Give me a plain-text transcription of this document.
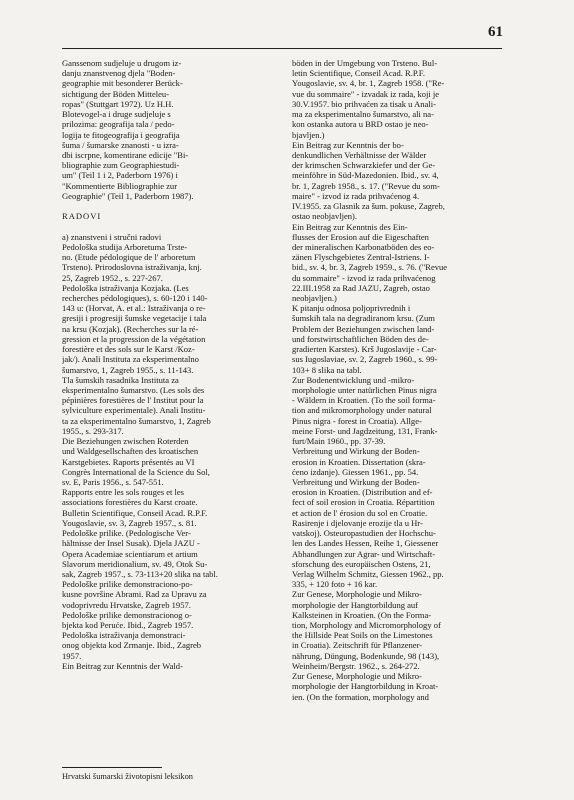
61
Ganssenom sudjeluje u drugom iz-
danju znanstvenog djela "Boden-
geographie mit besonderer Berück-
sichtigung der Böden Mitteleu-
ropas" (Stuttgart 1972). Uz H.H.
Blotevogel-a i druge sudjeluje s
prilozima: geografija tala / pedo-
logija te fitogeografija i geografija
šuma / šumarske znanosti - u izra-
dbi iscrpne, komentirane edicije "Bi-
bliographie zum Geographiestudi-
um" (Teil 1 i 2, Paderborn 1976) i
"Kommentierte Bibliographie zur
Geographie" (Teil 1, Paderborn 1987).
RADOVI
a) znanstveni i stručni radovi
Pedološka studija Arboretuma Trste-
no. (Etude pédologique de l' arboretum
Trsteno). Prirodoslovna istraživanja, knj.
25, Zagreb 1952., s. 227-267.
Pedološka istraživanja Kozjaka. (Les
recherches pédologiques), s. 60-120 i 140-
143 u: (Horvat, A. et al.: Istraživanja o re-
gresiji i progresiji šumske vegetacije i tala
na krsu (Kozjak). (Recherches sur la ré-
gression et la progression de la végétation
forestière et des sols sur le Karst /Koz-
jak/). Anali Instituta za eksperimentalno
šumarstvo, 1, Zagreb 1955., s. 11-143.
Tla šumskih rasadnika Instituta za
eksperimentalno šumarstvo. (Les sols des
pépinières forestières de l' Institut pour la
sylviculture experimentale). Anali Institu-
ta za eksperimentalno šumarstvo, 1, Zagreb
1955., s. 293-317.
Die Beziehungen zwischen Roterden
und Waldgesellschaften des kroatischen
Karstgebietes. Raports présentés au VI
Congrès International de la Science du Sol,
sv. E, Paris 1956., s. 547-551.
Rapports entre les sols rouges et les
associations forestières du Karst croate.
Bulletin Scientifique, Conseil Acad. R.P.F.
Yougoslavie, sv. 3, Zagreb 1957., s. 81.
Pedološke prilike. (Pedologische Ver-
hältnisse der Insel Susak). Djela JAZU -
Opera Academiae scientiarum et artium
Slavorum meridionalium, sv. 49, Otok Su-
sak, Zagreb 1957., s. 73-113+20 slika na tabl.
Pedološke prilike demonstraciono-po-
kusne površine Abrami. Rad za Upravu za
vodoprivredu Hrvatske, Zagreb 1957.
Pedološke prilike demonstracionog o-
bjekta kod Peruće. Ibid., Zagreb 1957.
Pedološka istraživanja demonstraci-
onog objekta kod Zrmanje. Ibid., Zagreb
1957.
Ein Beitrag zur Kenntnis der Wald-
böden in der Umgebung von Trsteno. Bul-
letin Scientifique, Conseil Acad. R.P.F.
Yougoslavie, sv. 4, br. 1, Zagreb 1958. ("Re-
vue du sommaire" - izvadak iz rada, koji je
30.V.1957. bio prihvaćen za tisak u Anali-
ma za eksperimentalno šumarstvo, ali na-
kon ostanka autora u BRD ostao je neo-
bjavljen.)
Ein Beitrag zur Kenntnis der bo-
denkundlichen Verhältnisse der Wälder
der krimschen Schwarzkiefer und der Ge-
meinföhre in Süd-Mazedonien. Ibid., sv. 4,
br. 1, Zagreb 1958., s. 17. ("Revue du som-
maire" - izvod iz rada prihvaćenog 4.
IV.1955. za Glasnik za šum. pokuse, Zagreb,
ostao neobjavljen).
Ein Beitrag zur Kenntnis des Ein-
flusses der Erosion auf die Eigeschaften
der mineralischen Karbonatböden des eo-
zänen Flyschgebietes Zentral-Istriens. I-
bid., sv. 4, br. 3, Zagreb 1959., s. 76. ("Revue
du sommaire" - izvod iz rada prihvaćenog
22.III.1958 za Rad JAZU, Zagreb, ostao
neobjavljen.)
K pitanju odnosa poljoprivrednih i
šumskih tala na degradiranom krsu. (Zum
Problem der Beziehungen zwischen land-
und forstwirtschaftlichen Böden des de-
gradierten Karstes). Krš Jugoslavije - Car-
sus Iugoslaviae, sv. 2, Zagreb 1960., s. 99-
103+ 8 slika na tabl.
Zur Bodenentwicklung und -mikro-
morphologie unter natürlichen Pinus nigra
- Wäldern in Kroatien. (To the soil forma-
tion and mikromorphology under natural
Pinus nigra - forest in Croatia). Allge-
meine Forst- und Jagdzeitung, 131, Frank-
furt/Main 1960., pp. 37-39.
Verbreitung und Wirkung der Boden-
erosion in Kroatien. Dissertation (skra-
ćeno izdanje). Giessen 1961., pp. 54.
Verbreitung und Wirkung der Boden-
erosion in Kroatien. (Distribution and ef-
fect of soil erosion in Croatia. Répartition
et action de l' érosion du sol en Croatie.
Rasirenje i djelovanje erozije tla u Hr-
vatskoj). Osteuropastudien der Hochschu-
len des Landes Hessen, Reihe 1, Giessener
Abhandlungen zur Agrar- und Wirtschaft-
sforschung des europäischen Ostens, 21,
Verlag Wilhelm Schmitz, Giessen 1962., pp.
335, + 120 foto + 16 kar.
Zur Genese, Morphologie und Mikro-
morphologie der Hangtorbildung auf
Kalksteinen in Kroatien. (On the Forma-
tion, Morphology and Micromorphology of
the Hillside Peat Soils on the Limestones
in Croatia). Zeitschrift für Pflanzener-
nährung, Düngung, Bodenkunde, 98 (143),
Weinheim/Bergstr. 1962., s. 264-272.
Zur Genese, Morphologie und Mikro-
morphologie der Hangtorbildung in Kroat-
ien. (On the formation, morphology and
Hrvatski šumarski životopisni leksikon
